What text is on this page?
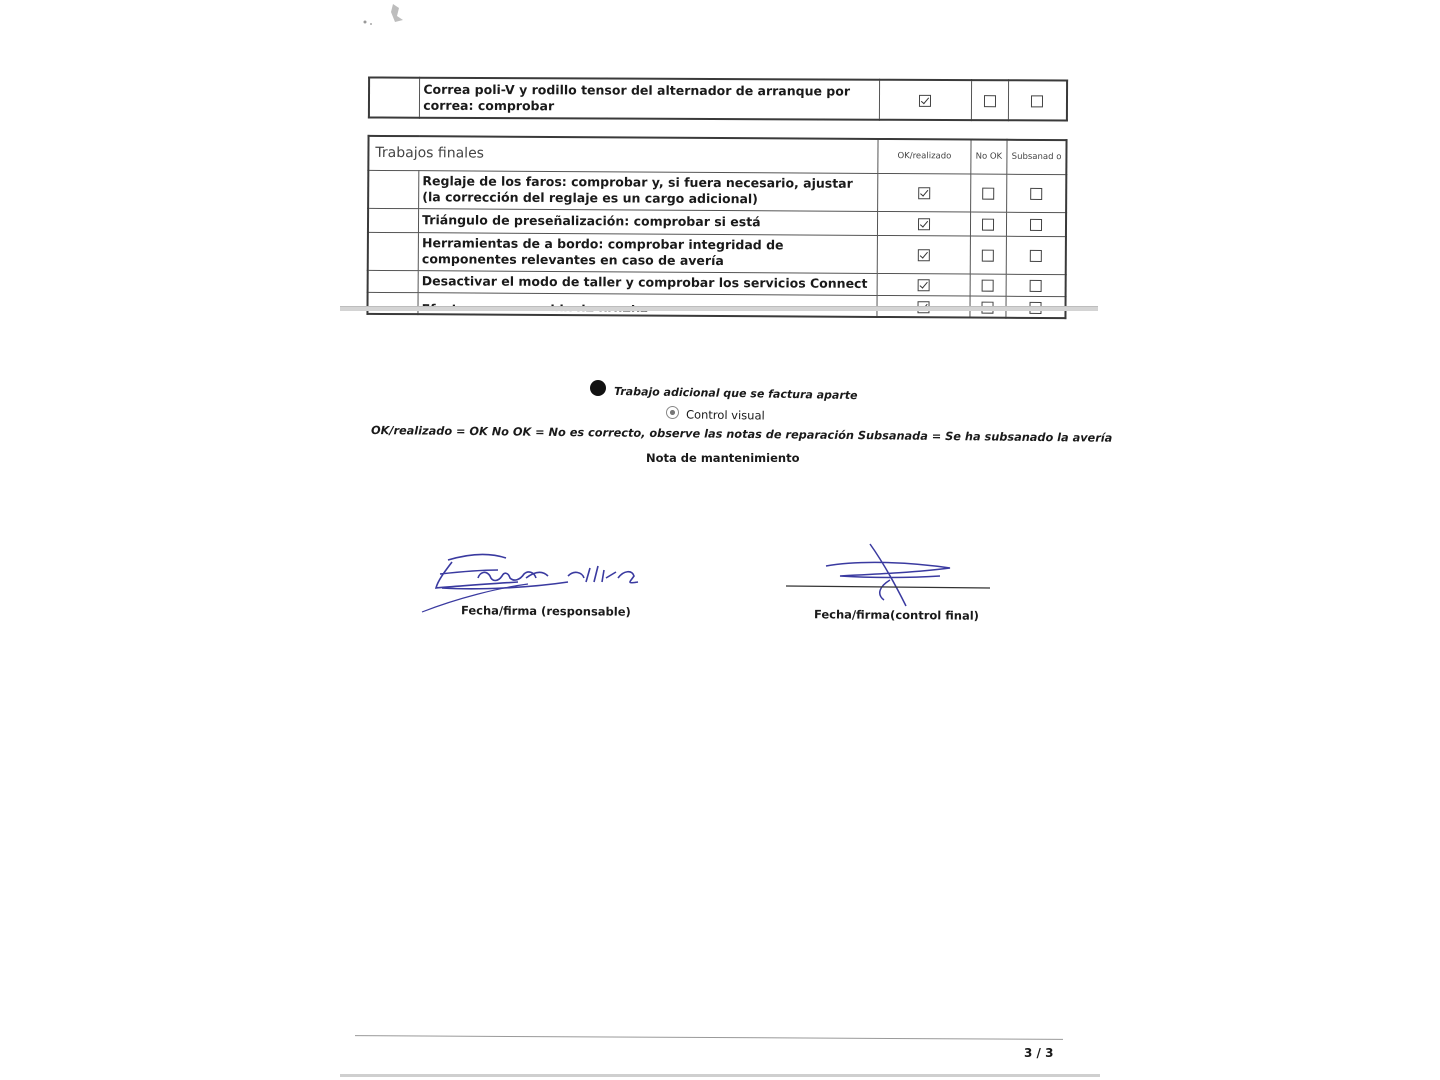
	Correa poli-V y rodillo tensor del alternador de arranque por correa: comprobar			
Trabajos finales		OK/realizado	No OK	Subsanad o
	Reglaje de los faros: comprobar y, si fuera necesario, ajustar (la corrección del reglaje es un cargo adicional)			
	Triángulo de preseñalización: comprobar si está			
	Herramientas de a bordo: comprobar integridad de componentes relevantes en caso de avería			
	Desactivar el modo de taller y comprobar los servicios Connect			

Trabajo adicional que se factura aparte
Control visual
OK/realizado = OK No OK = No es correcto, observe las notas de reparación Subsanada = Se ha subsanado la avería
Nota de mantenimiento
Fecha/firma (responsable)	Fecha/firma(control final)
3 / 3
